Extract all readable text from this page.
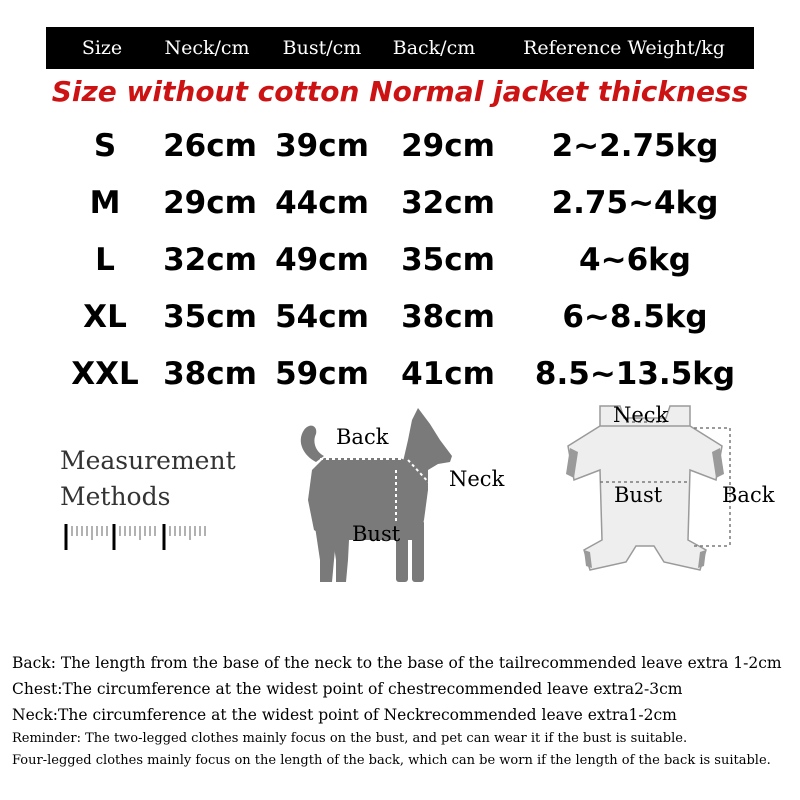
Size	Neck/cm	Bust/cm	Back/cm	Reference Weight/kg
Size without cotton Normal jacket thickness
S	26cm 39cm 29cm	2~2.75kg
M	29cm 44cm 32cm	2.75~4kg
L	32cm 49cm 35cm	4~6kg
XL	35cm 54cm 38cm	6~8.5kg
XXL 38cm 59cm 41cm	8.5~13.5kg
Measurement
Methods
Back
Neck
Bust
Neck
Bust	Back
Back: The length from the base of the neck to the base of the tailrecommended leave extra 1-2cm
Chest:The circumference at the widest point of chestrecommended leave extra2-3cm
Neck:The circumference at the widest point of Neckrecommended leave extra1-2cm
Reminder: The two-legged clothes mainly focus on the bust, and pet can wear it if the bust is suitable.
Four-legged clothes mainly focus on the length of the back, which can be worn if the length of the back is suitable.
